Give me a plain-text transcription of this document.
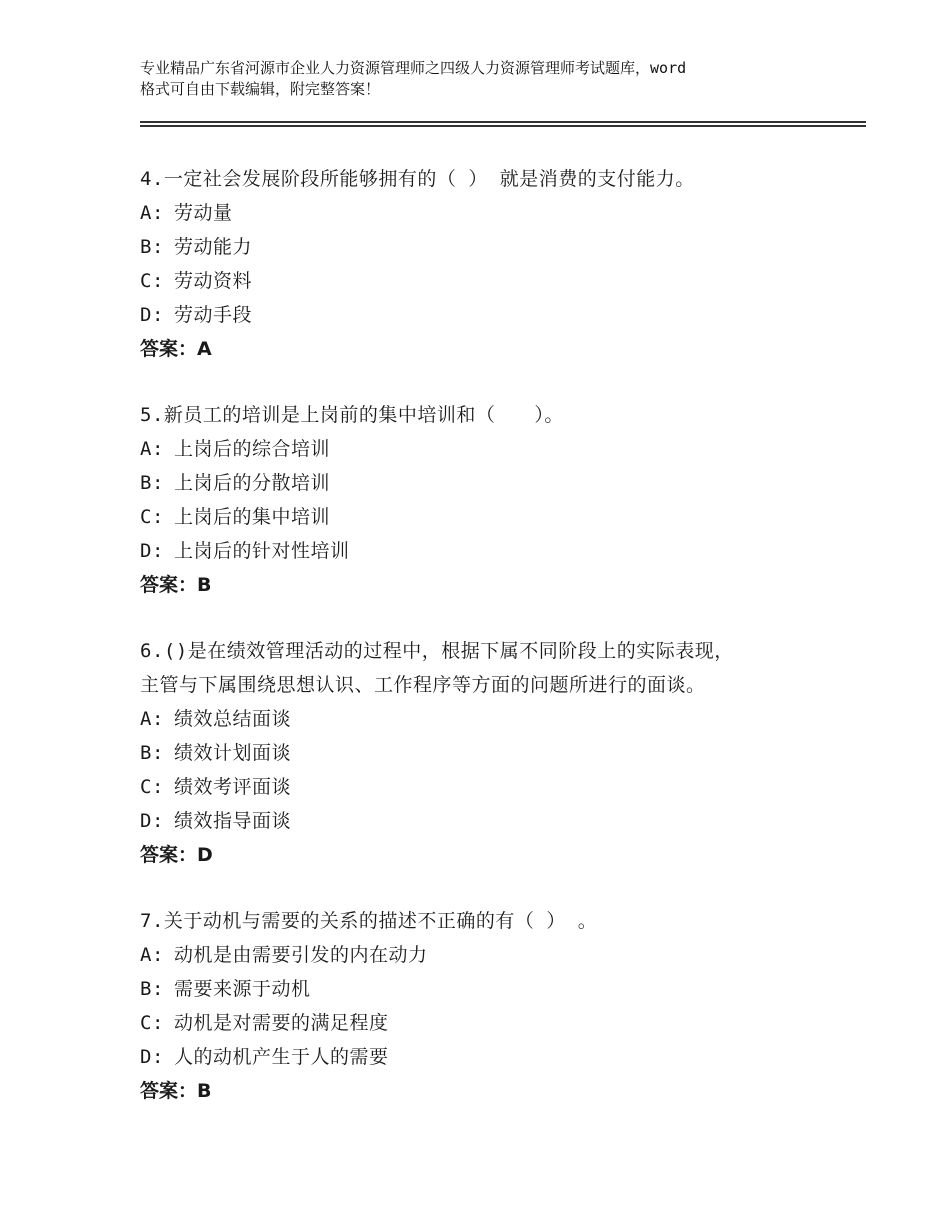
专业精品广东省河源市企业人力资源管理师之四级人力资源管理师考试题库，word
格式可自由下载编辑，附完整答案！
4.一定社会发展阶段所能够拥有的（ ） 就是消费的支付能力。
A: 劳动量
B: 劳动能力
C: 劳动资料
D: 劳动手段
答案：A
5.新员工的培训是上岗前的集中培训和（　　）。
A: 上岗后的综合培训
B: 上岗后的分散培训
C: 上岗后的集中培训
D: 上岗后的针对性培训
答案：B
6.()是在绩效管理活动的过程中，根据下属不同阶段上的实际表现，
主管与下属围绕思想认识、工作程序等方面的问题所进行的面谈。
A: 绩效总结面谈
B: 绩效计划面谈
C: 绩效考评面谈
D: 绩效指导面谈
答案：D
7.关于动机与需要的关系的描述不正确的有（ ） 。
A: 动机是由需要引发的内在动力
B: 需要来源于动机
C: 动机是对需要的满足程度
D: 人的动机产生于人的需要
答案：B
